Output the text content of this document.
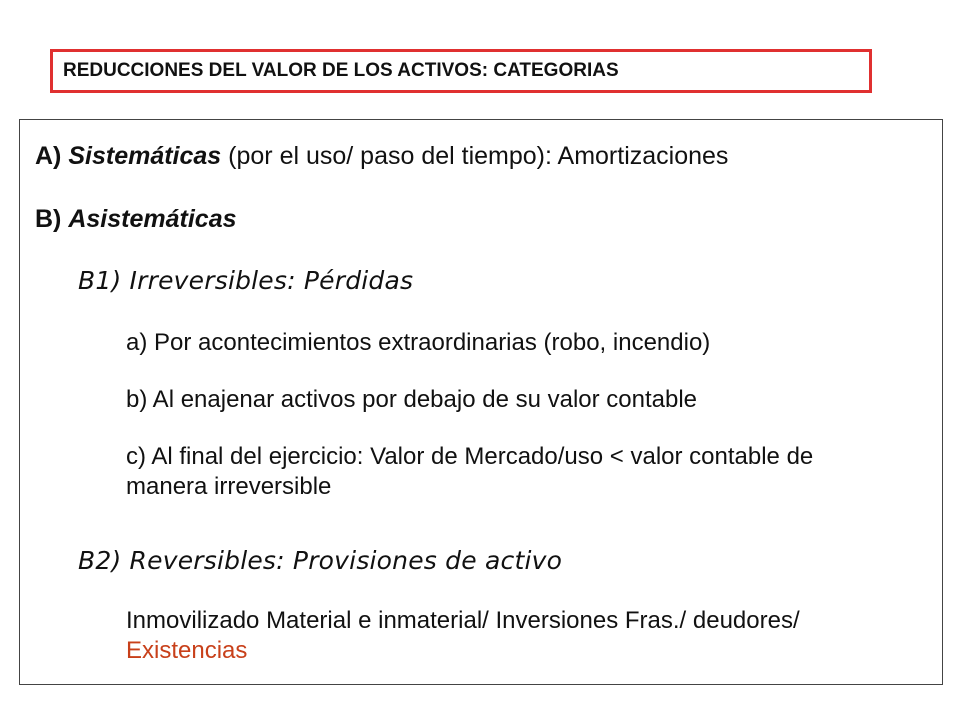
REDUCCIONES DEL VALOR DE LOS ACTIVOS: CATEGORIAS
A) Sistemáticas (por el uso/ paso del tiempo): Amortizaciones
B) Asistemáticas
B1) Irreversibles: Pérdidas
a) Por acontecimientos extraordinarias (robo, incendio)
b) Al enajenar activos por debajo de su valor contable
c) Al final del ejercicio: Valor de Mercado/uso < valor contable de manera irreversible
B2) Reversibles: Provisiones de activo
Inmovilizado Material e inmaterial/ Inversiones Fras./ deudores/ Existencias
